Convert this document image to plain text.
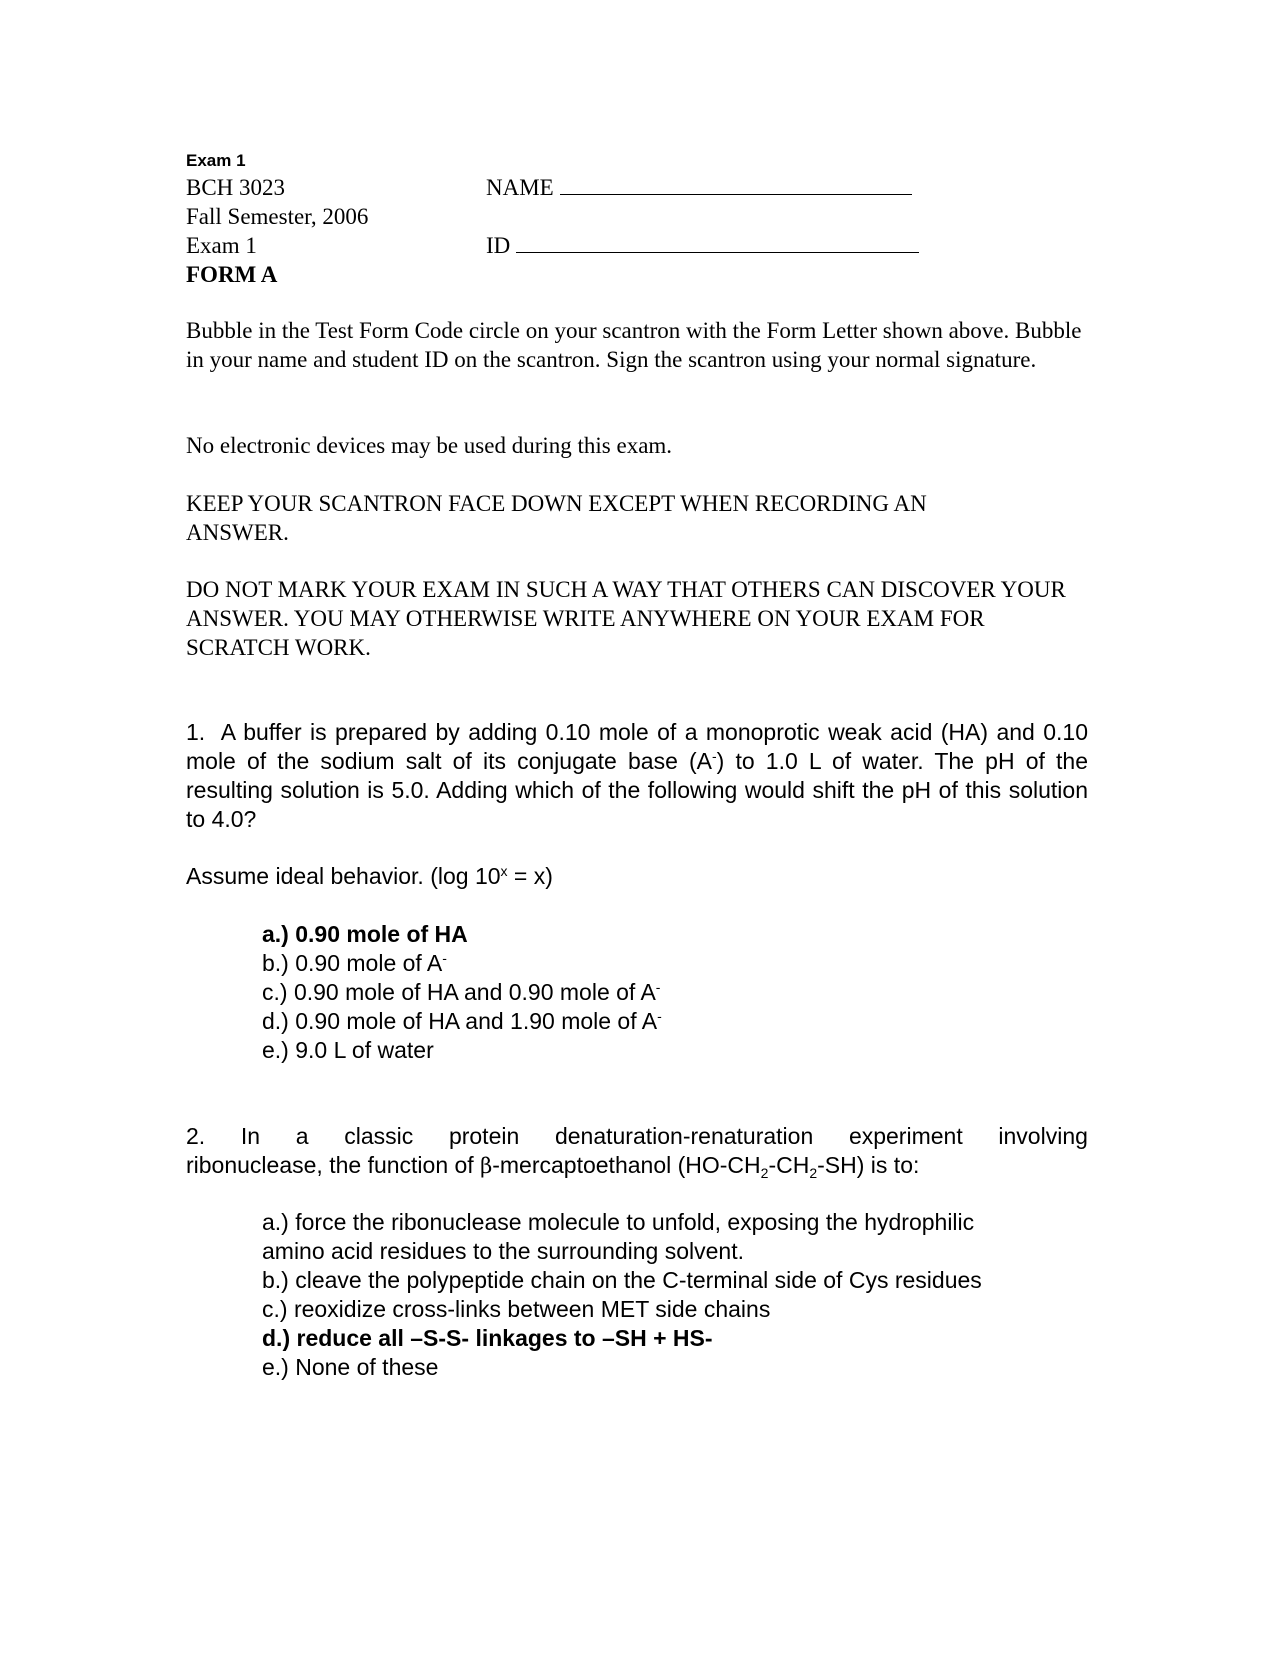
Exam 1
BCH 3023
Fall Semester, 2006
Exam 1
FORM A
NAME
ID
Bubble in the Test Form Code circle on your scantron with the Form Letter shown above. Bubble in your name and student ID on the scantron. Sign the scantron using your normal signature.
No electronic devices may be used during this exam.
KEEP YOUR SCANTRON FACE DOWN EXCEPT WHEN RECORDING AN ANSWER.
DO NOT MARK YOUR EXAM IN SUCH A WAY THAT OTHERS CAN DISCOVER YOUR ANSWER. YOU MAY OTHERWISE WRITE ANYWHERE ON YOUR EXAM FOR SCRATCH WORK.
1. A buffer is prepared by adding 0.10 mole of a monoprotic weak acid (HA) and 0.10 mole of the sodium salt of its conjugate base (A-) to 1.0 L of water. The pH of the resulting solution is 5.0. Adding which of the following would shift the pH of this solution to 4.0?
Assume ideal behavior. (log $10^x = x$)
a.) 0.90 mole of HA
b.) 0.90 mole of A-
c.) 0.90 mole of HA and 0.90 mole of A-
d.) 0.90 mole of HA and 1.90 mole of A-
e.) 9.0 L of water
2. In a classic protein denaturation-renaturation experiment involving
ribonuclease, the function of β-mercaptoethanol $(HO-CH_2-CH_2-SH)$ is to:
a.) force the ribonuclease molecule to unfold, exposing the hydrophilic
amino acid residues to the surrounding solvent.
b.) cleave the polypeptide chain on the C-terminal side of Cys residues
c.) reoxidize cross-links between MET side chains
d.) reduce all –S-S- linkages to –SH + HS-
e.) None of these
